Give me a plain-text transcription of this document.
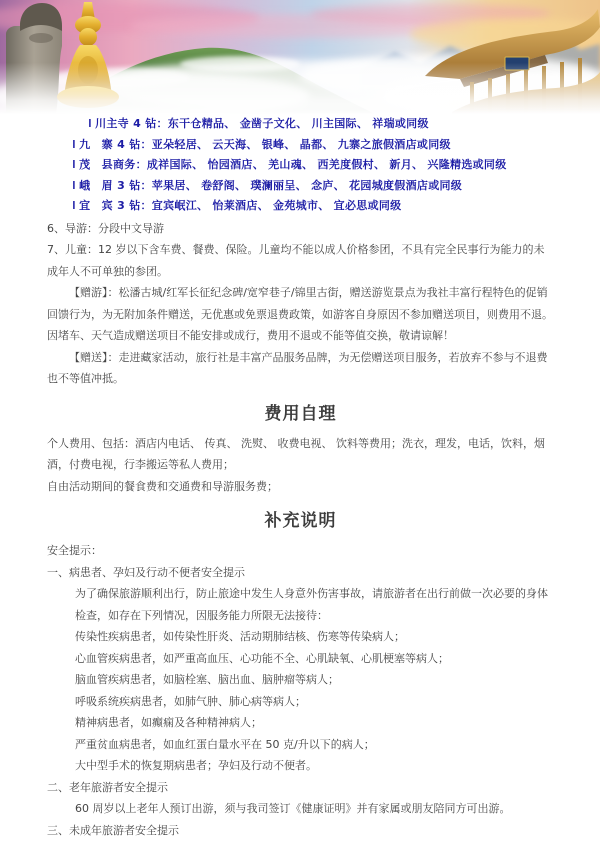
l 川主寺 4 钻：东干仓精品、 金凿子文化、 川主国际、 祥瑞或同级
l 九　寨 4 钻：亚朵轻居、 云天海、 银峰、 晶都、 九寨之旅假酒店或同级
l 茂　县商务：成祥国际、 怡园酒店、 羌山魂、 西羌度假村、 新月、 兴隆精选或同级
l 峨　眉 3 钻：苹果居、 卷舒阁、 璞澜丽呈、 念庐、 花园城度假酒店或同级
l 宜　宾 3 钻：宜宾岷江、 怡莱酒店、 金苑城市、 宜必思或同级

6、导游：分段中文导游

7、儿童：12 岁以下含车费、餐费、保险。儿童均不能以成人价格参团，不具有完全民事行为能力的未成年人不可单独的参团。

【赠游】：松潘古城/红军长征纪念碑/宽窄巷子/锦里古街，赠送游览景点为我社丰富行程特色的促销回馈行为，为无附加条件赠送，无优惠或免票退费政策，如游客自身原因不参加赠送项目，则费用不退。因堵车、天气造成赠送项目不能安排或成行，费用不退或不能等值交换，敬请谅解！

【赠送】：走进藏家活动，旅行社是丰富产品服务品牌，为无偿赠送项目服务，若放弃不参与不退费也不等值冲抵。

费用自理

个人费用、包括：酒店内电话、 传真、 洗熨、 收费电视、 饮料等费用；洗衣，理发，电话，饮料，烟酒，付费电视，行李搬运等私人费用；

自由活动期间的餐食费和交通费和导游服务费；

补充说明

安全提示：

一、病患者、孕妇及行动不便者安全提示

为了确保旅游顺利出行，防止旅途中发生人身意外伤害事故，请旅游者在出行前做一次必要的身体检查，如存在下列情况，因服务能力所限无法接待：

传染性疾病患者，如传染性肝炎、活动期肺结核、伤寒等传染病人；

心血管疾病患者，如严重高血压、心功能不全、心肌缺氧、心肌梗塞等病人；

脑血管疾病患者，如脑栓塞、脑出血、脑肿瘤等病人；

呼吸系统疾病患者，如肺气肿、肺心病等病人；

精神病患者，如癫痫及各种精神病人；

严重贫血病患者，如血红蛋白量水平在 50 克/升以下的病人；

大中型手术的恢复期病患者；孕妇及行动不便者。

二、老年旅游者安全提示

60 周岁以上老年人预订出游，须与我司签订《健康证明》并有家属或朋友陪同方可出游。

三、未成年旅游者安全提示
